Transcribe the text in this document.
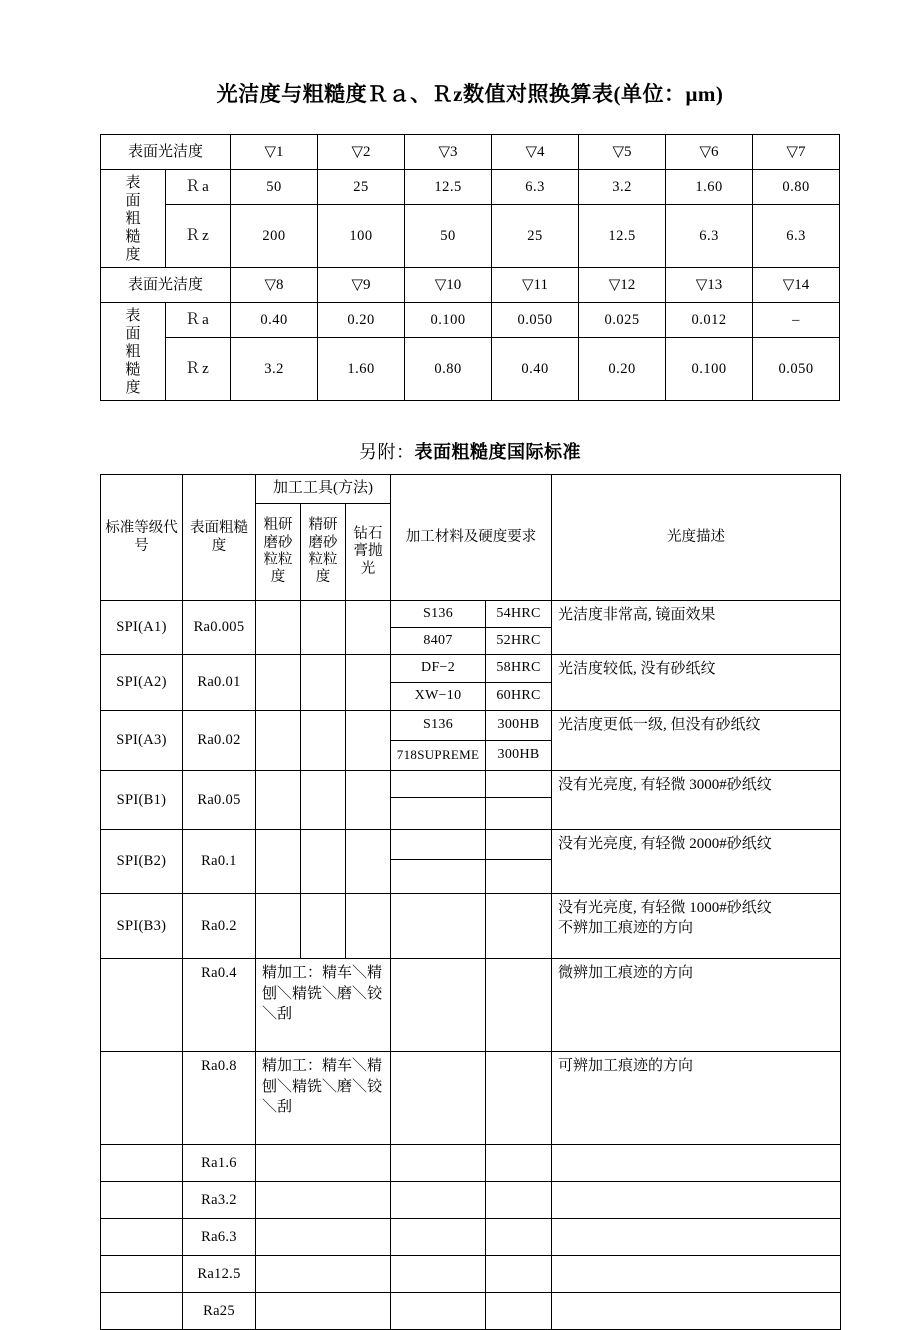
光洁度与粗糙度Ｒａ、Ｒz数值对照换算表(单位：μm)
表面光洁度		▽1	▽2	▽3	▽4	▽5	▽6	▽7

表面粗糙度	Ｒa	50	25	12.5	6.3	3.2	1.60	0.80
	Ｒz	200	100	50	25	12.5	6.3	6.3
表面光洁度		▽8	▽9	▽10	▽11	▽12	▽13	▽14

表面粗糙度	Ｒa	0.40	0.20	0.100	0.050	0.025	0.012	–
	Ｒz	3.2	1.60	0.80	0.40	0.20	0.100	0.050
另附：表面粗糙度国际标准
标准等级代号	表面粗糙度	加工工具(方法)			加工材料及硬度要求		光度描述

		粗研磨砂粒粒度	精研磨砂粒粒度	钻石膏抛光			

SPI(A1)	Ra0.005				S136	54HRC	光洁度非常高, 镜面效果
					8407	52HRC	
SPI(A2)	Ra0.01				DF−2	58HRC	光洁度较低, 没有砂纸纹
					XW−10	60HRC	
SPI(A3)	Ra0.02				S136	300HB	光洁度更低一级, 但没有砂纸纹
					718SUPREME	300HB	
SPI(B1)	Ra0.05						没有光亮度, 有轻微 3000#砂纸纹

SPI(B2)	Ra0.1						没有光亮度, 有轻微 2000#砂纸纹

SPI(B3)	Ra0.2						没有光亮度, 有轻微 1000#砂纸纹
不辨加工痕迹的方向

	Ra0.4	精加工：精车＼精刨＼精铣＼磨＼铰＼刮					微辨加工痕迹的方向
	Ra0.8	精加工：精车＼精刨＼精铣＼磨＼铰＼刮					可辨加工痕迹的方向
	Ra1.6						
	Ra3.2						
	Ra6.3						
	Ra12.5						
	Ra25						
